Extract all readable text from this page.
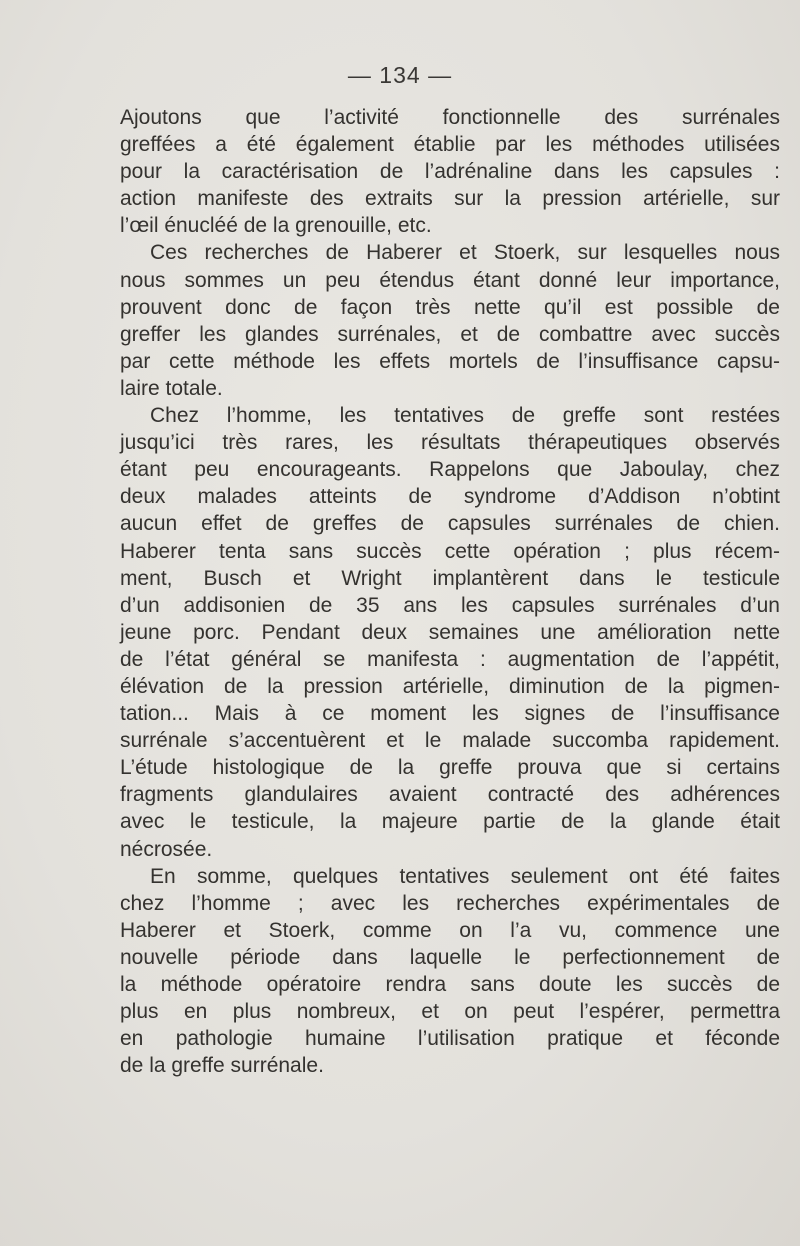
— 134 —
Ajoutons que l’activité fonctionnelle des surrénales
greffées a été également établie par les méthodes utilisées
pour la caractérisation de l’adrénaline dans les capsules :
action manifeste des extraits sur la pression artérielle, sur
l’œil énucléé de la grenouille, etc.
Ces recherches de Haberer et Stoerk, sur lesquelles nous
nous sommes un peu étendus étant donné leur importance,
prouvent donc de façon très nette qu’il est possible de
greffer les glandes surrénales, et de combattre avec succès
par cette méthode les effets mortels de l’insuffisance capsu-
laire totale.
Chez l’homme, les tentatives de greffe sont restées
jusqu’ici très rares, les résultats thérapeutiques observés
étant peu encourageants. Rappelons que Jaboulay, chez
deux malades atteints de syndrome d’Addison n’obtint
aucun effet de greffes de capsules surrénales de chien.
Haberer tenta sans succès cette opération ; plus récem-
ment, Busch et Wright implantèrent dans le testicule
d’un addisonien de 35 ans les capsules surrénales d’un
jeune porc. Pendant deux semaines une amélioration nette
de l’état général se manifesta : augmentation de l’appétit,
élévation de la pression artérielle, diminution de la pigmen-
tation... Mais à ce moment les signes de l’insuffisance
surrénale s’accentuèrent et le malade succomba rapidement.
L’étude histologique de la greffe prouva que si certains
fragments glandulaires avaient contracté des adhérences
avec le testicule, la majeure partie de la glande était
nécrosée.
En somme, quelques tentatives seulement ont été faites
chez l’homme ; avec les recherches expérimentales de
Haberer et Stoerk, comme on l’a vu, commence une
nouvelle période dans laquelle le perfectionnement de
la méthode opératoire rendra sans doute les succès de
plus en plus nombreux, et on peut l’espérer, permettra
en pathologie humaine l’utilisation pratique et féconde
de la greffe surrénale.
